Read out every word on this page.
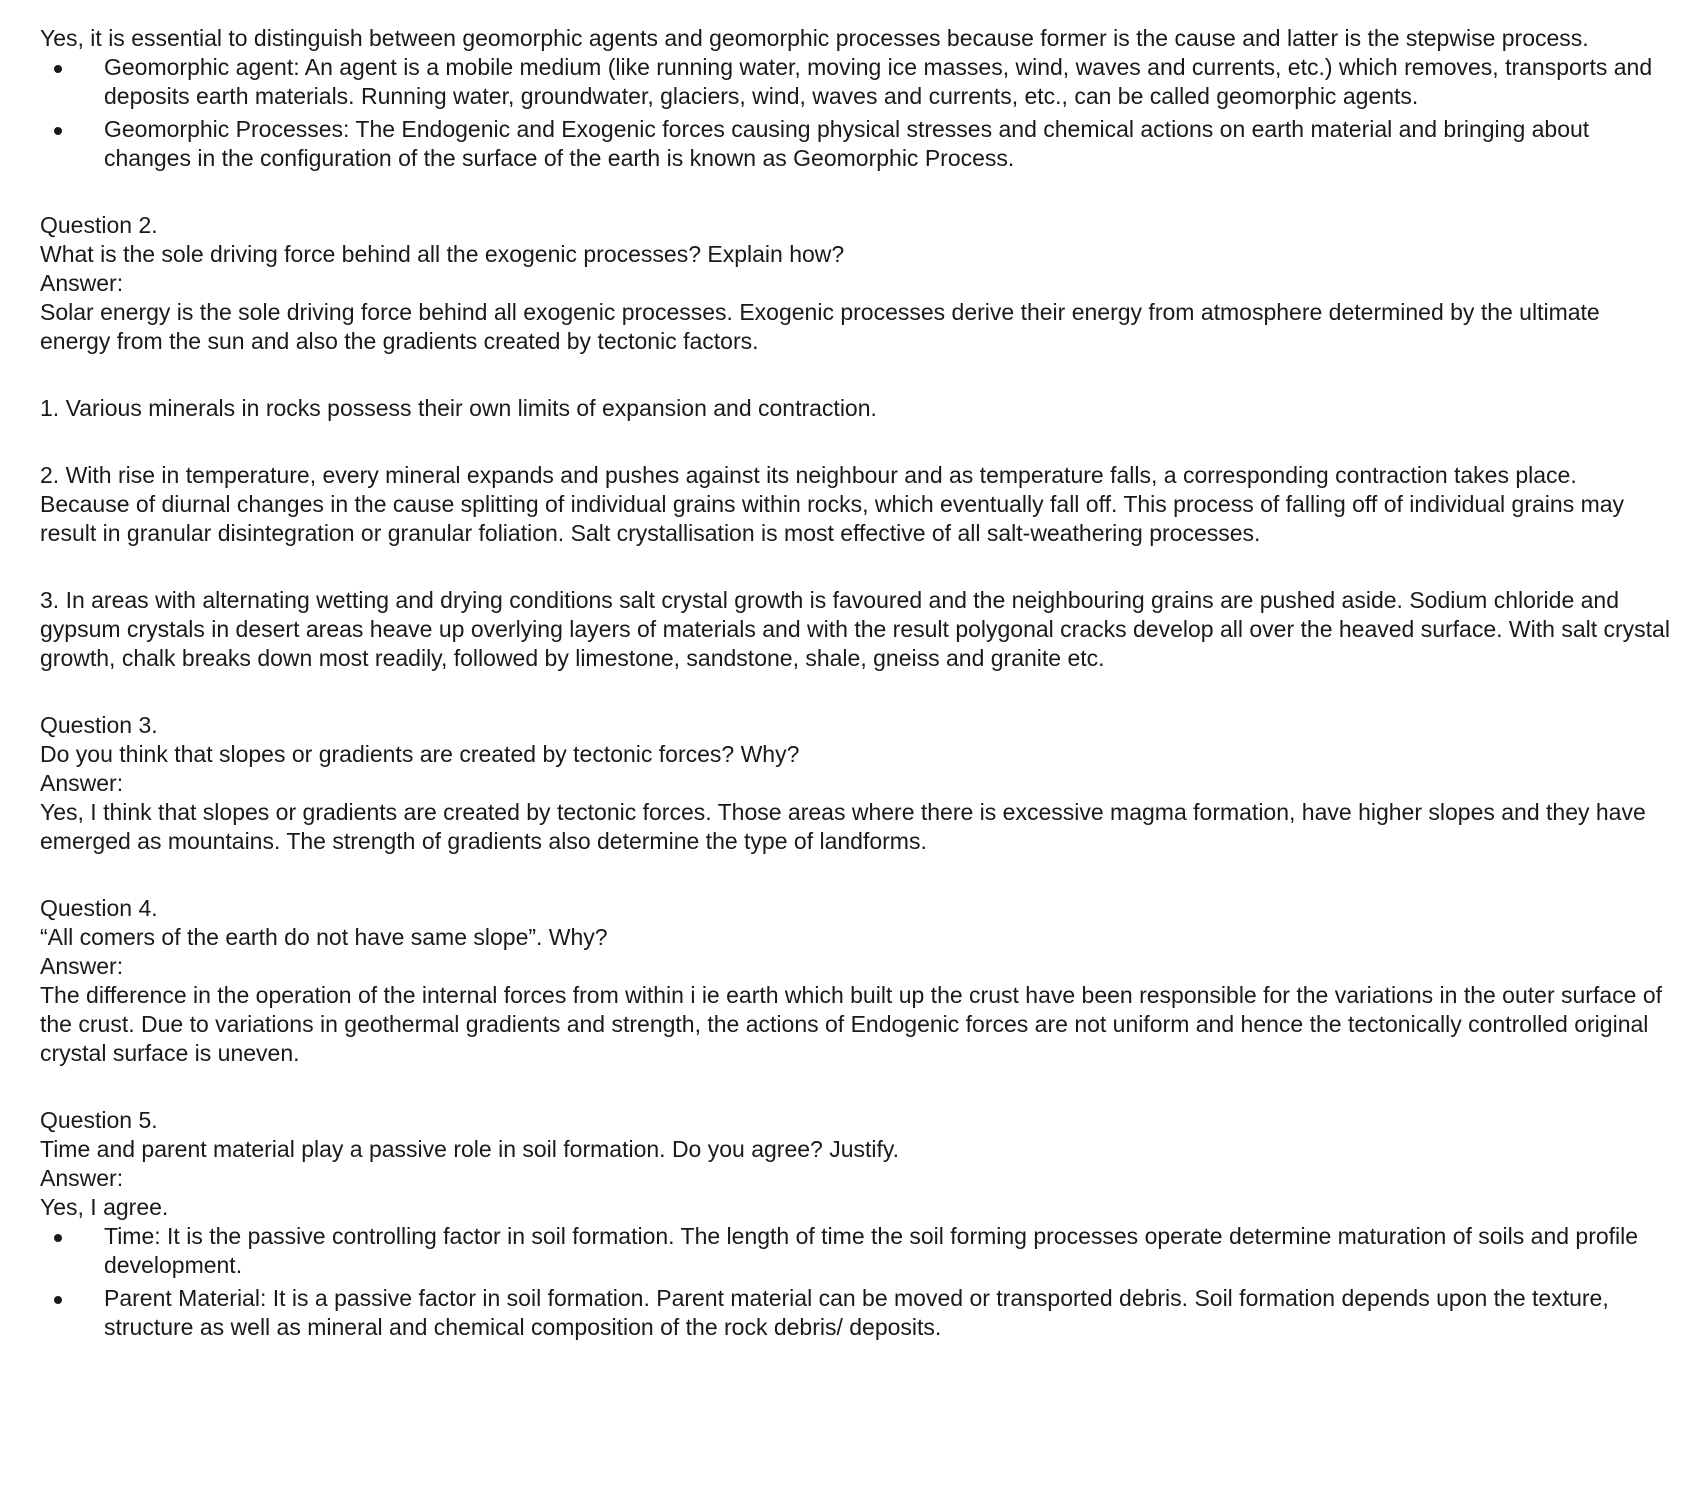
Yes, it is essential to distinguish between geomorphic agents and geomorphic processes because former is the cause and latter is the stepwise process.

Geomorphic agent: An agent is a mobile medium (like running water, moving ice masses, wind, waves and currents, etc.) which removes, transports and deposits earth materials. Running water, groundwater, glaciers, wind, waves and currents, etc., can be called geomorphic agents.
Geomorphic Processes: The Endogenic and Exogenic forces causing physical stresses and chemical actions on earth material and bringing about changes in the configuration of the surface of the earth is known as Geomorphic Process.

Question 2.

What is the sole driving force behind all the exogenic processes? Explain how?

Answer:

Solar energy is the sole driving force behind all exogenic processes. Exogenic processes derive their energy from atmosphere determined by the ultimate energy from the sun and also the gradients created by tectonic factors.

1. Various minerals in rocks possess their own limits of expansion and contraction.

2. With rise in temperature, every mineral expands and pushes against its neighbour and as temperature falls, a corresponding contraction takes place. Because of diurnal changes in the cause splitting of individual grains within rocks, which eventually fall off. This process of falling off of individual grains may result in granular disintegration or granular foliation. Salt crystallisation is most effective of all salt-weathering processes.

3. In areas with alternating wetting and drying conditions salt crystal growth is favoured and the neighbouring grains are pushed aside. Sodium chloride and gypsum crystals in desert areas heave up overlying layers of materials and with the result polygonal cracks develop all over the heaved surface. With salt crystal growth, chalk breaks down most readily, followed by limestone, sandstone, shale, gneiss and granite etc.

Question 3.

Do you think that slopes or gradients are created by tectonic forces? Why?

Answer:

Yes, I think that slopes or gradients are created by tectonic forces. Those areas where there is excessive magma formation, have higher slopes and they have emerged as mountains. The strength of gradients also determine the type of landforms.

Question 4.

“All comers of the earth do not have same slope”. Why?

Answer:

The difference in the operation of the internal forces from within i ie earth which built up the crust have been responsible for the variations in the outer surface of the crust. Due to variations in geothermal gradients and strength, the actions of Endogenic forces are not uniform and hence the tectonically controlled original crystal surface is uneven.

Question 5.

Time and parent material play a passive role in soil formation. Do you agree? Justify.

Answer:

Yes, I agree.

Time: It is the passive controlling factor in soil formation. The length of time the soil forming processes operate determine maturation of soils and profile development.
Parent Material: It is a passive factor in soil formation. Parent material can be moved or transported debris. Soil formation depends upon the texture, structure as well as mineral and chemical composition of the rock debris/ deposits.
